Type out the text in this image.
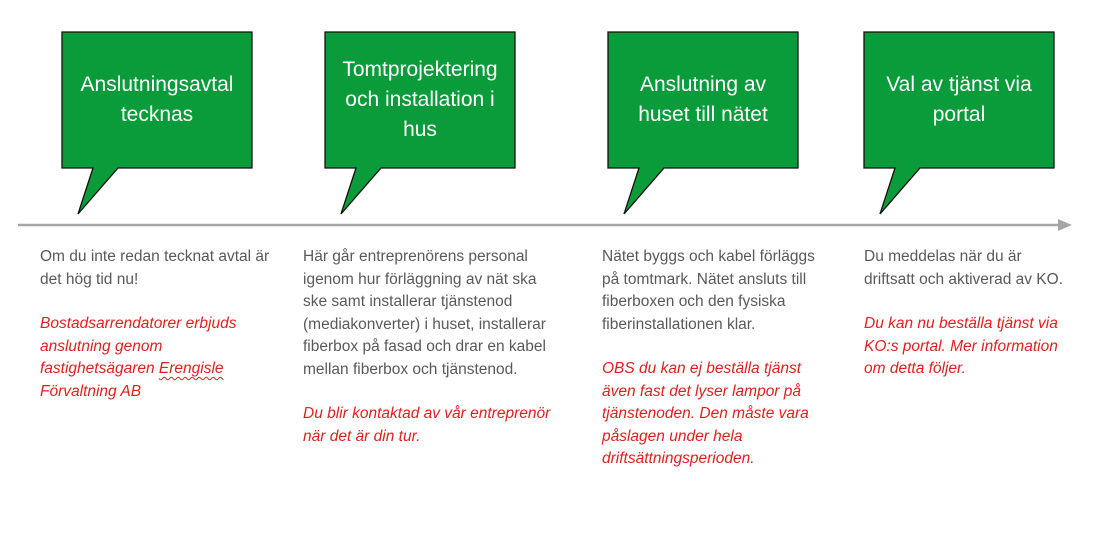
Anslutningsavtal tecknas
Tomtprojektering och installation i hus
Anslutning av huset till nätet
Val av tjänst via portal

Om du inte redan tecknat avtal är det hög tid nu!

Bostadsarrendatorer erbjuds anslutning genom fastighetsägaren Erengisle Förvaltning AB

Här går entreprenörens personal igenom hur förläggning av nät ska ske samt installerar tjänstenod (mediakonverter) i huset, installerar fiberbox på fasad och drar en kabel mellan fiberbox och tjänstenod.

Du blir kontaktad av vår entreprenör när det är din tur.

Nätet byggs och kabel förläggs på tomtmark. Nätet ansluts till fiberboxen och den fysiska fiberinstallationen klar.

OBS du kan ej beställa tjänst även fast det lyser lampor på tjänstenoden. Den måste vara påslagen under hela driftsättningsperioden.

Du meddelas när du är driftsatt och aktiverad av KO.

Du kan nu beställa tjänst via KO:s portal. Mer information om detta följer.
